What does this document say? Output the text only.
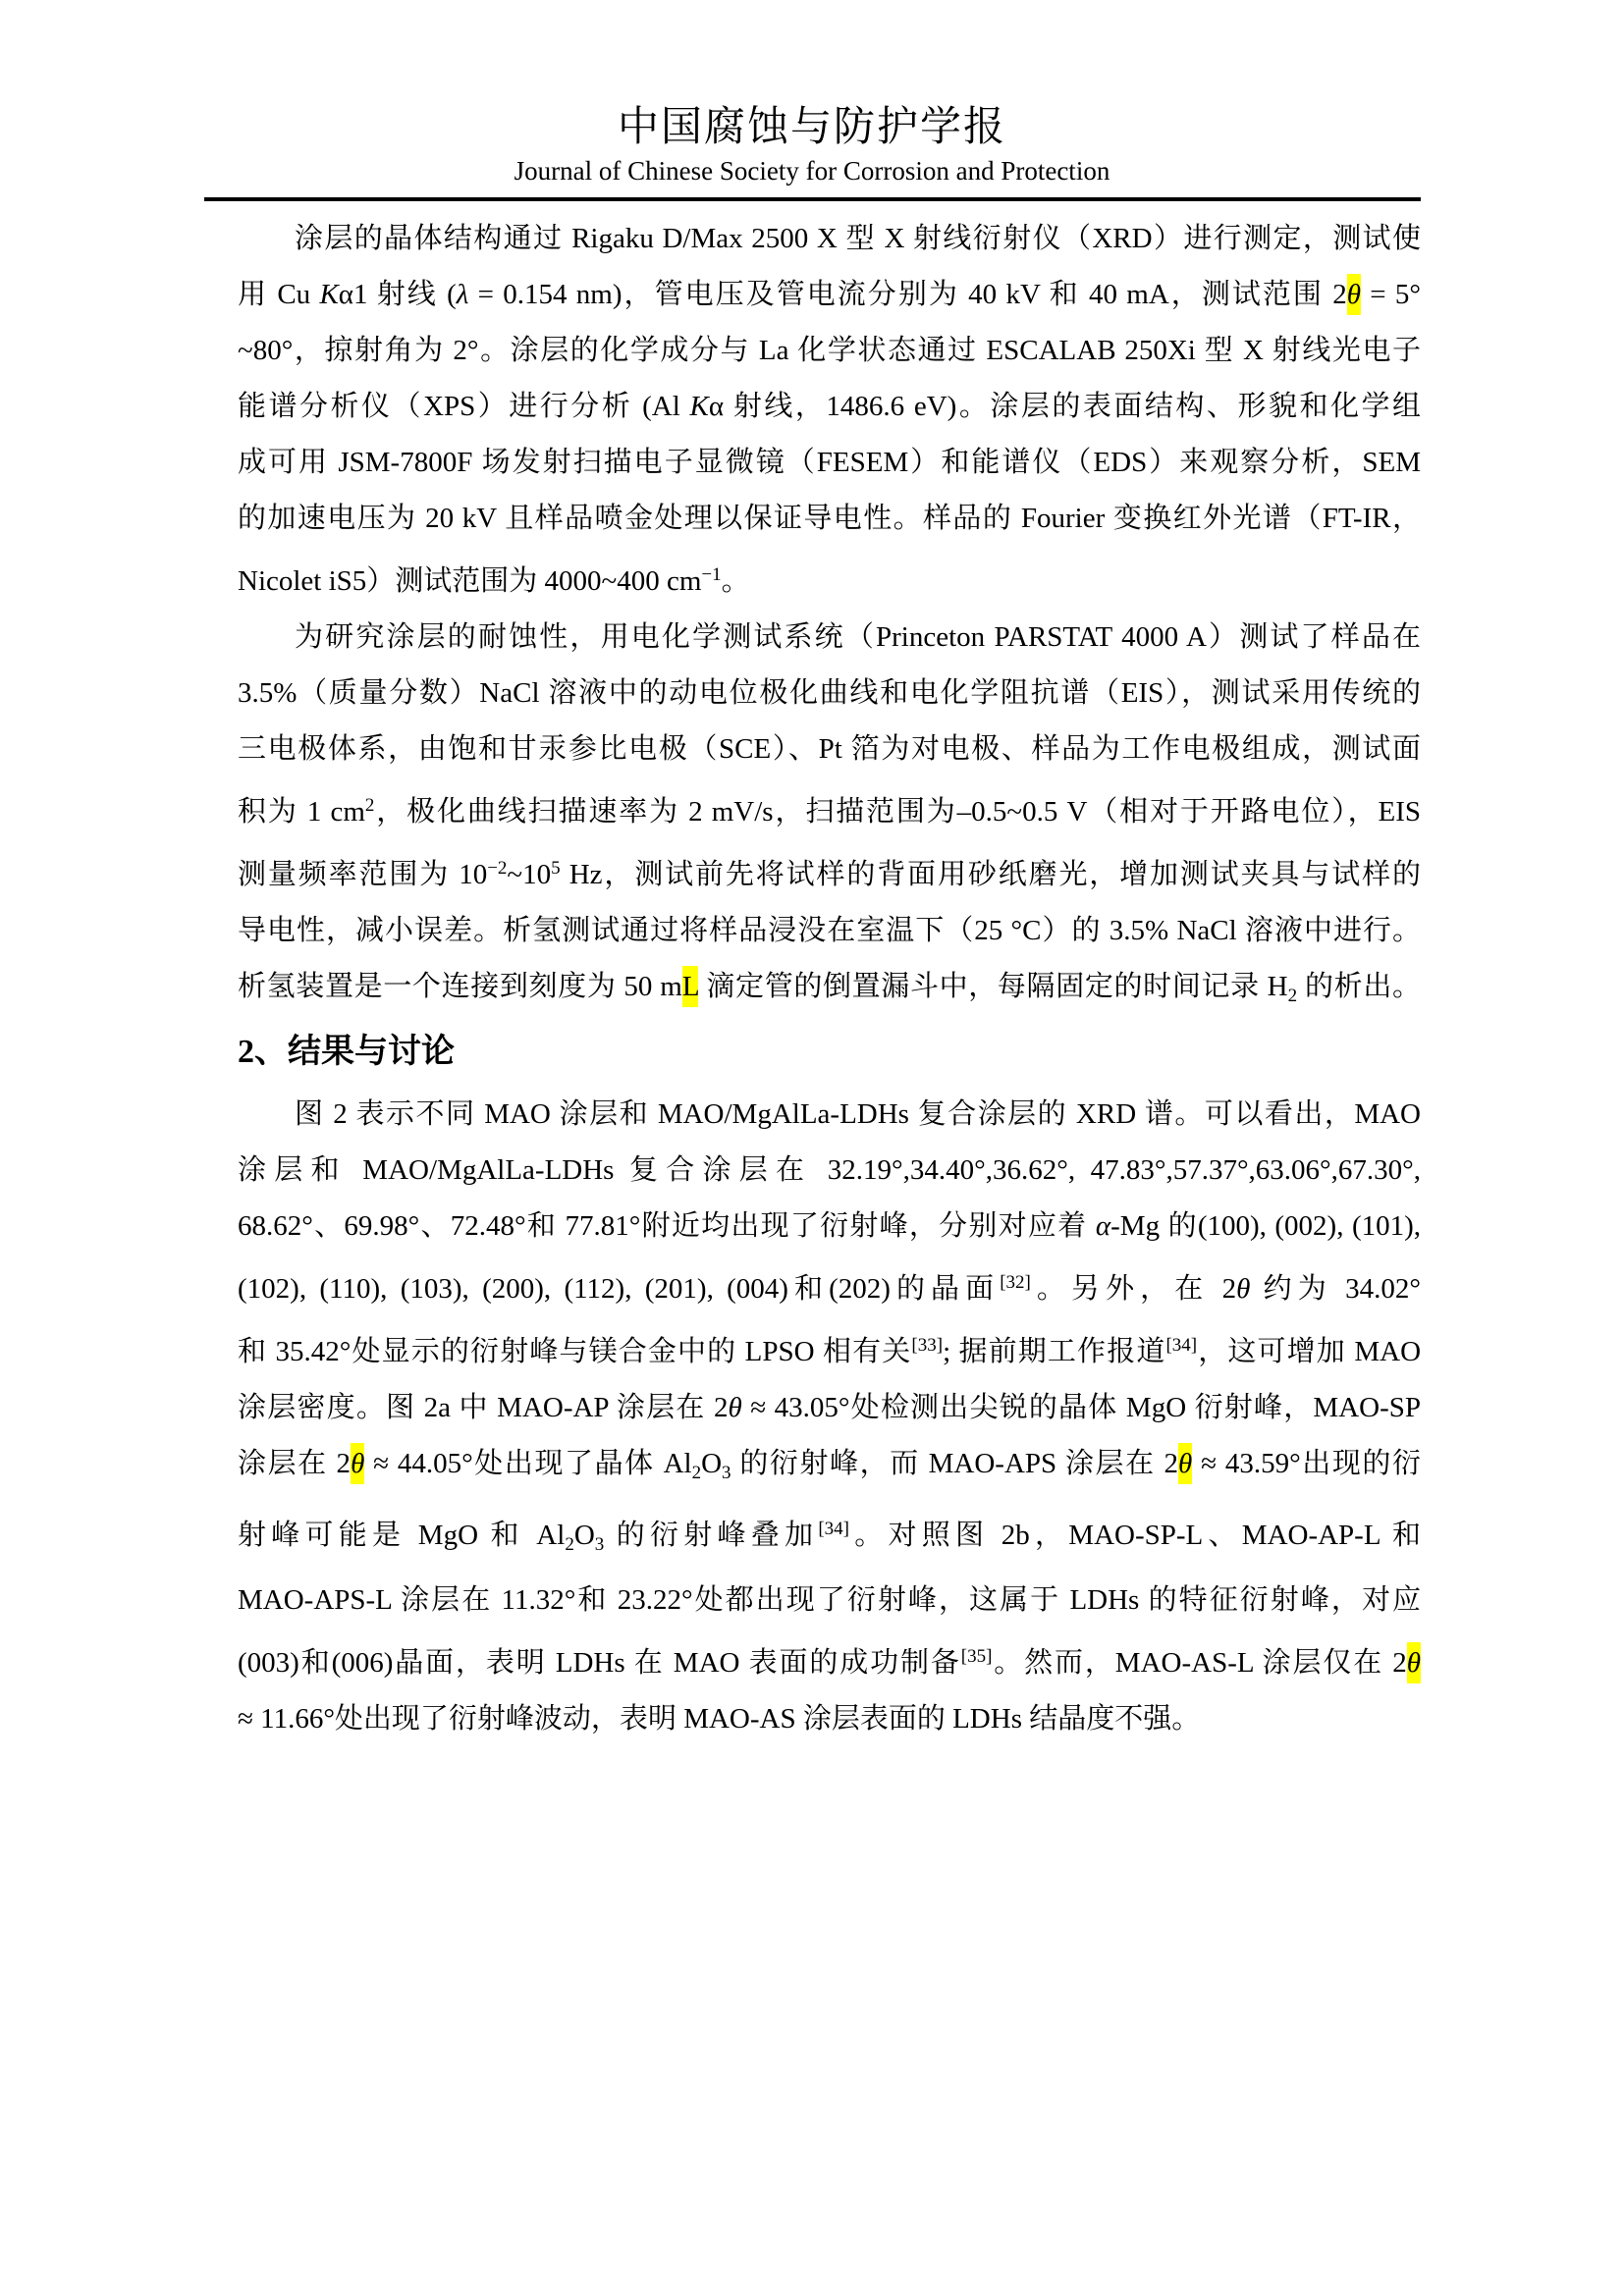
中国腐蚀与防护学报
Journal of Chinese Society for Corrosion and Protection
涂层的晶体结构通过 Rigaku D/Max 2500 X 型 X 射线衍射仪（XRD）进行测定，测试使
用 Cu Kα1 射线 (λ = 0.154 nm)，管电压及管电流分别为 40 kV 和 40 mA，测试范围 2θ = 5°
~80°，掠射角为 2°。涂层的化学成分与 La 化学状态通过 ESCALAB 250Xi 型 X 射线光电子
能谱分析仪（XPS）进行分析 (Al Kα 射线，1486.6 eV)。涂层的表面结构、形貌和化学组
成可用 JSM-7800F 场发射扫描电子显微镜（FESEM）和能谱仪（EDS）来观察分析，SEM
的加速电压为 20 kV 且样品喷金处理以保证导电性。样品的 Fourier 变换红外光谱（FT-IR，
Nicolet iS5）测试范围为 4000~400 $cm^{-1}$。
为研究涂层的耐蚀性，用电化学测试系统（Princeton PARSTAT 4000 A）测试了样品在
3.5%（质量分数）NaCl 溶液中的动电位极化曲线和电化学阻抗谱（EIS），测试采用传统的
三电极体系，由饱和甘汞参比电极（SCE）、Pt 箔为对电极、样品为工作电极组成，测试面
积为 1 $cm^2$，极化曲线扫描速率为 2 mV/s，扫描范围为–0.5~0.5 V（相对于开路电位），EIS
测量频率范围为 $10^{-2}\sim 10^5$ Hz，测试前先将试样的背面用砂纸磨光，增加测试夹具与试样的
导电性，减小误差。析氢测试通过将样品浸没在室温下（25 °C）的 3.5% NaCl 溶液中进行。
析氢装置是一个连接到刻度为 50 mL 滴定管的倒置漏斗中，每隔固定的时间记录 $H_2$ 的析出。
2、结果与讨论
图 2 表示不同 MAO 涂层和 MAO/MgAlLa-LDHs 复合涂层的 XRD 谱。可以看出，MAO
涂层和 MAO/MgAlLa-LDHs 复合涂层在 32.19°,34.40°,36.62°, 47.83°,57.37°,63.06°,67.30°,
68.62°、69.98°、72.48°和 77.81°附近均出现了衍射峰，分别对应着 α-Mg 的(100), (002), (101),
(102), (110), (103), (200), (112), (201), (004)和(202)的晶面[32]。另外，在 2θ 约为 34.02°
和 35.42°处显示的衍射峰与镁合金中的 LPSO 相有关[33]; 据前期工作报道[34]，这可增加 MAO
涂层密度。图 2a 中 MAO-AP 涂层在 2θ ≈ 43.05°处检测出尖锐的晶体 MgO 衍射峰，MAO-SP
涂层在 2θ ≈ 44.05°处出现了晶体 $Al_2O_3$ 的衍射峰，而 MAO-APS 涂层在 2θ ≈ 43.59°出现的衍
射峰可能是 MgO 和 $Al_2O_3$ 的衍射峰叠加[34]。对照图 2b，MAO-SP-L、MAO-AP-L 和
MAO-APS-L 涂层在 11.32°和 23.22°处都出现了衍射峰，这属于 LDHs 的特征衍射峰，对应
(003)和(006)晶面，表明 LDHs 在 MAO 表面的成功制备[35]。然而，MAO-AS-L 涂层仅在 2θ
≈ 11.66°处出现了衍射峰波动，表明 MAO-AS 涂层表面的 LDHs 结晶度不强。
